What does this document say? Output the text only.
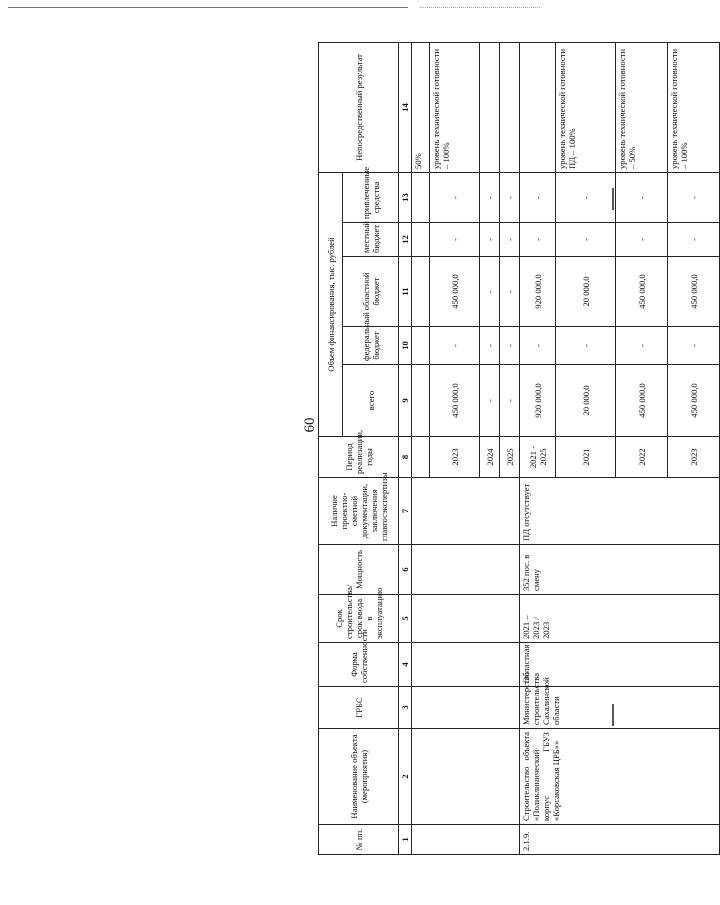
60
№ пп.	Наименование объекта (мероприятия)	ГРБС	Форма собственности	Срок строительства/срок ввода в эксплуатацию	Мощность	Наличие проектно-сметной документации, заключения главгосэкспертизы	Период реализации, годы	Объем финансирования, тыс. рублей					Непосредственный результат
								всего	федеральный бюджет	областной бюджет	местный бюджет	привлеченные средства	
1	2	3	4	5	6	7	8	9	10	11	12	13	14
													50%
							2023	450 000,0	-	450 000,0	-	-	уровень технической готовности – 100%
							2024	-	-	-	-	-	
							2025	-	-	-	-	-	
2.1.9.	Строительство объекта «Поликлинический корпус ГБУЗ «Корсаковская ЦРБ»»	Министерство строительства Сахалинской области	Областная	2021 – 2023 / 2023	352 пос. в смену	ПД отсутствует	2021 - 2025	920 000,0	-	920 000,0	-	-	
							2021	20 000,0	-	20 000,0	-	-	уровень технической готовности ПД – 100%
							2022	450 000,0	-	450 000,0	-	-	уровень технической готовности – 50%
							2023	450 000,0	-	450 000,0	-	-	уровень технической готовности – 100%
